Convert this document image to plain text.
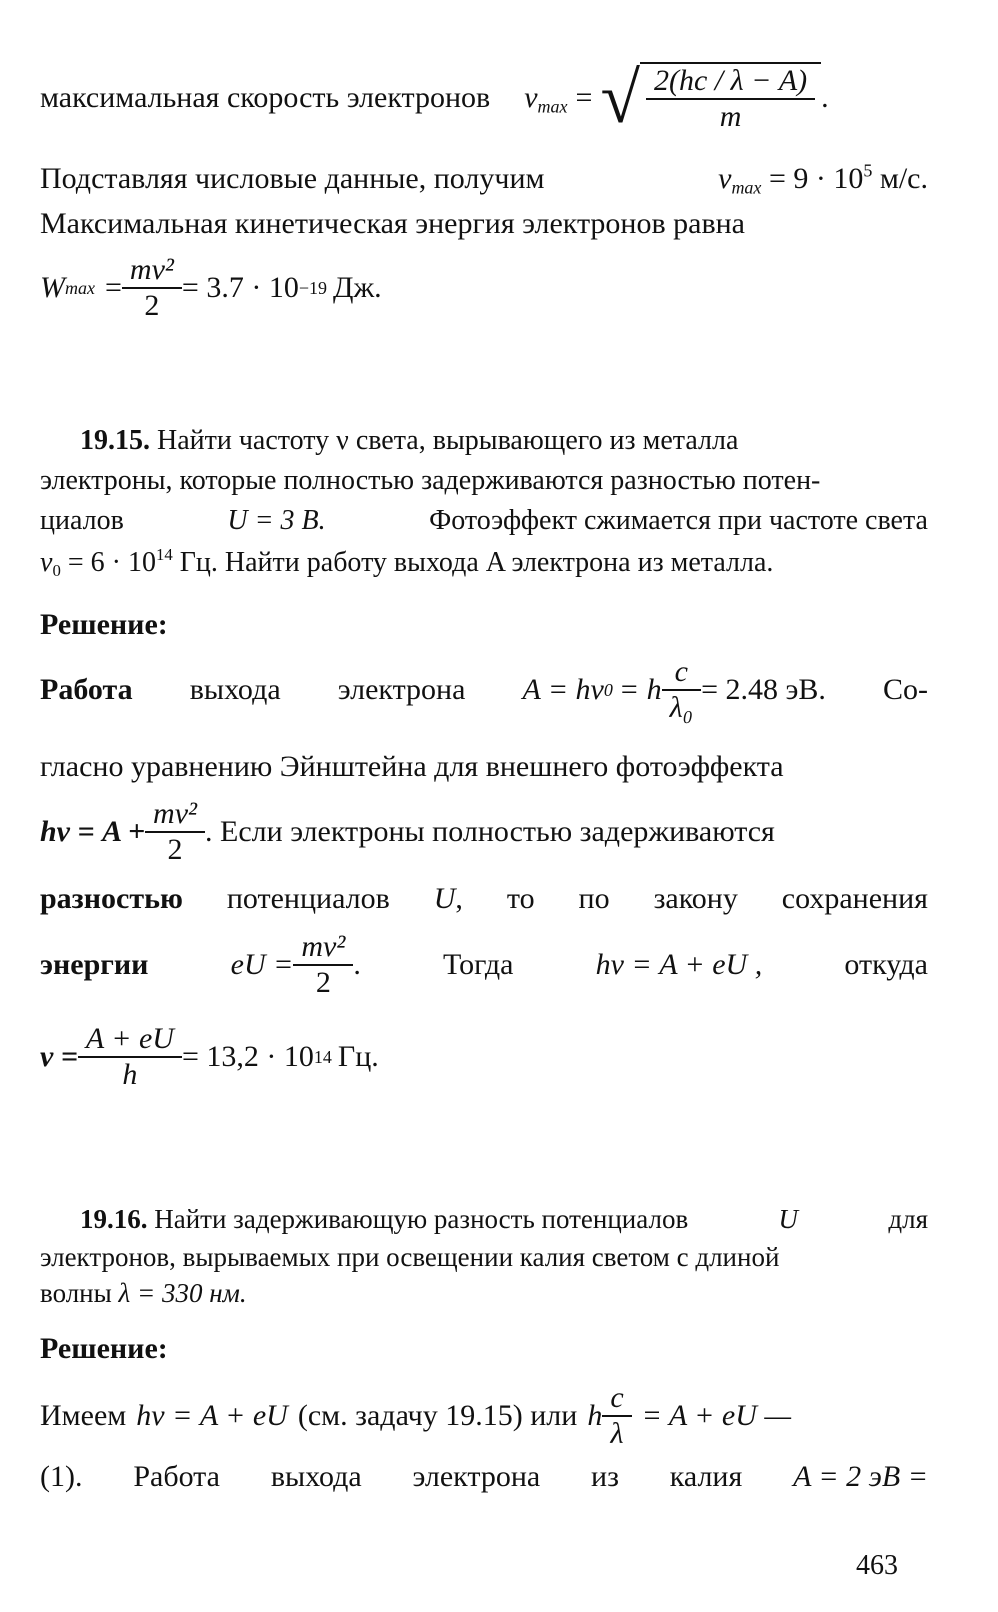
максимальная скорость электронов $v_{max}$ = √ $\frac{2(hc / \lambda - A)}{m}$ .
Подставляя числовые данные, получим	$v_{max} = 9 \cdot 10^5$ м/с.
Максимальная кинетическая энергия электронов равна
W $\max = \frac{\text{mv²}}{2} = 3.7 \cdot 10 -19$ Дж.
19.15. Найти частоту ν света, вырывающего из металла
электроны, которые полностью задерживаются разностью потен-
циалов	U = 3 В.	Фотоэффект сжимается при частоте света
$\nu_0 = 6 \cdot 10^{14}$ Гц. Найти работу выхода A электрона из металла.
Решение:
Работа выхода электрона A = hν 0 = h $\frac{c}{\text{λ₀}} = 2.48$ эВ. Со-
гласно уравнению Эйнштейна для внешнего фотоэффекта
$h\nu = A + \frac{\text{mv²}}{2}$ . Если электроны полностью задерживаются
разностью потенциалов U, то по закону сохранения
энергии	eU = $\frac{\text{mv²}}{2}$ .	Тогда	hν = A + eU ,	откуда
$\nu = \frac{A + eU}{h} = 13,2 \cdot 10$ 14 Гц.
19.16. Найти задерживающую разность потенциалов	U	для
электронов, вырываемых при освещении калия светом с длиной
волны λ = 330 нм.
Решение:
Имеем hν = A + eU (см. задачу 19.15) или h $\frac{c}{\lambda} = A$ + eU —
(1). Работа выхода электрона из калия A = 2 эВ =
463
